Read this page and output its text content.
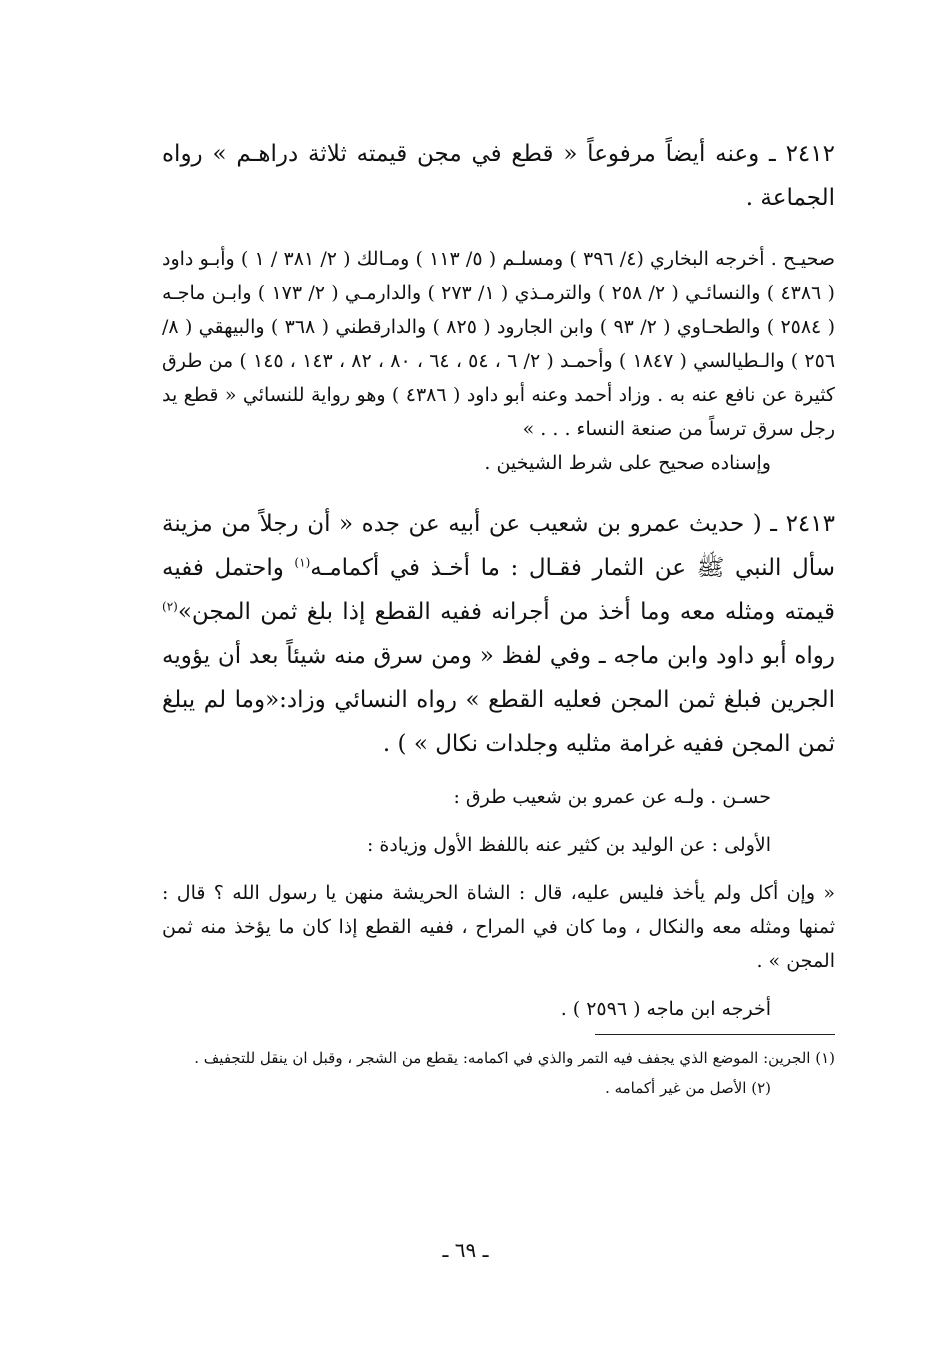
٢٤١٢ ـ وعنه أيضاً مرفوعاً « قطع في مجن قيمته ثلاثة دراهـم » رواه الجماعة .

صحيـح . أخرجه البخاري (٤/ ٣٩٦ ) ومسلـم ( ٥/ ١١٣ ) ومـالك ( ٢/ ٣٨١ / ١ ) وأبـو داود ( ٤٣٨٦ ) والنسائـي ( ٢/ ٢٥٨ ) والترمـذي ( ١/ ٢٧٣ ) والدارمـي ( ٢/ ١٧٣ ) وابـن ماجـه ( ٢٥٨٤ ) والطحـاوي ( ٢/ ٩٣ ) وابن الجارود ( ٨٢٥ ) والدارقطني ( ٣٦٨ ) والبيهقي ( ٨/ ٢٥٦ ) والـطيالسي ( ١٨٤٧ ) وأحمـد ( ٢/ ٦ ، ٥٤ ، ٦٤ ، ٨٠ ، ٨٢ ، ١٤٣ ، ١٤٥ ) من طرق كثيرة عن نافع عنه به . وزاد أحمد وعنه أبو داود ( ٤٣٨٦ ) وهو رواية للنسائي « قطع يد رجل سرق ترساً من صنعة النساء . . . »

وإسناده صحيح على شرط الشيخين .

٢٤١٣ ـ ( حديث عمرو بن شعيب عن أبيه عن جده « أن رجلاً من مزينة سأل النبي ﷺ عن الثمار فقـال : ما أخـذ في أكمامـه$^{(١)}$ واحتمل ففيه قيمته ومثله معه وما أخذ من أجرانه ففيه القطع إذا بلغ ثمن المجن»$^{(٢)}$ رواه أبو داود وابن ماجه ـ وفي لفظ « ومن سرق منه شيئاً بعد أن يؤويه الجرين فبلغ ثمن المجن فعليه القطع » رواه النسائي وزاد:«وما لم يبلغ ثمن المجن ففيه غرامة مثليه وجلدات نكال » ) .

حسـن . ولـه عن عمرو بن شعيب طرق :

الأولى : عن الوليد بن كثير عنه باللفظ الأول وزيادة :

« وإن أكل ولم يأخذ فليس عليه، قال : الشاة الحريشة منهن يا رسول الله ؟ قال : ثمنها ومثله معه والنكال ، وما كان في المراح ، ففيه القطع إذا كان ما يؤخذ منه ثمن المجن » .

أخرجه ابن ماجه ( ٢٥٩٦ ) .

(١) الجرين: الموضع الذي يجفف فيه التمر والذي في اكمامه: يقطع من الشجر ، وقبل ان ينقل للتجفيف .

(٢) الأصل من غير أكمامه .

ـ ٦٩ ـ
